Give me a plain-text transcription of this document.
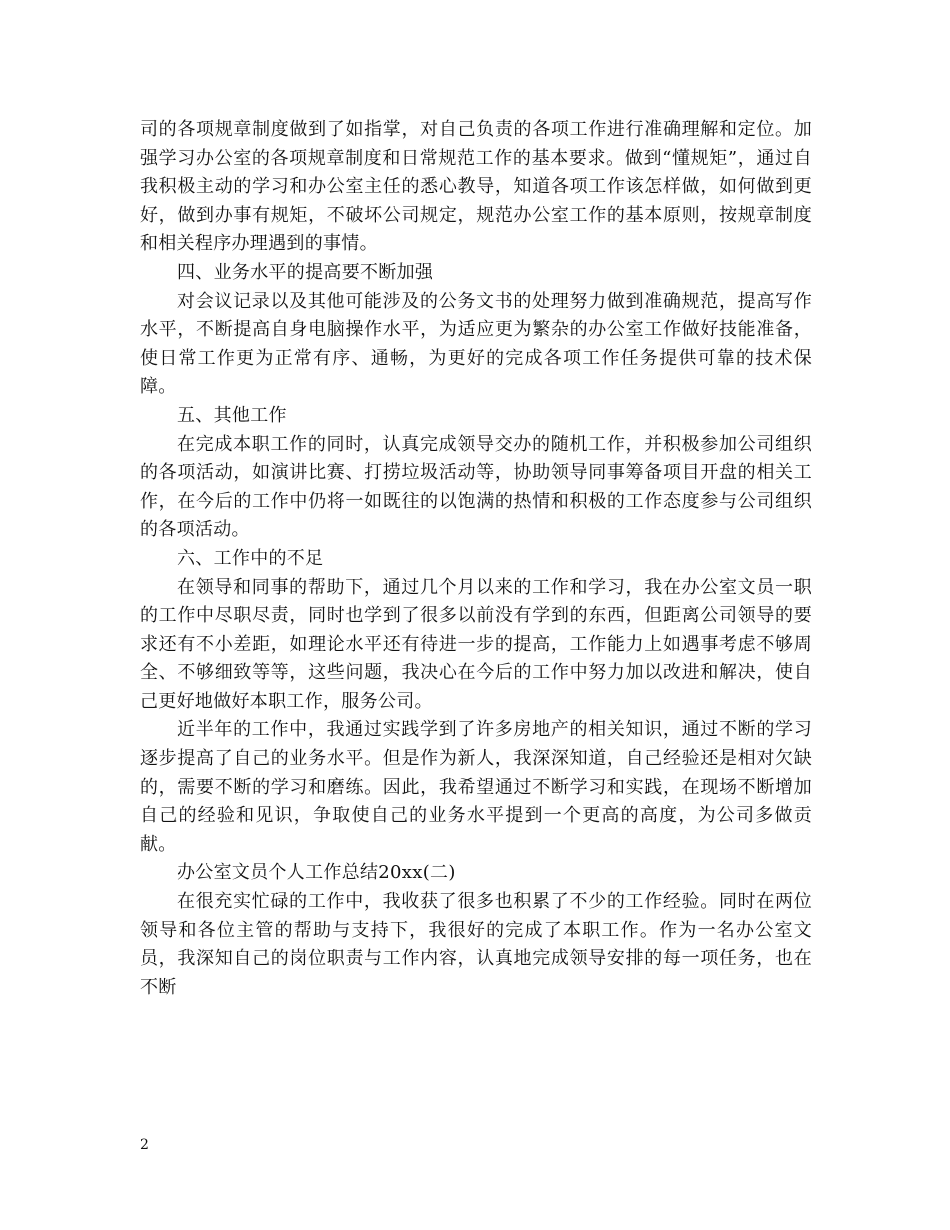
司的各项规章制度做到了如指掌，对自己负责的各项工作进行准确理解和定位。加强学习办公室的各项规章制度和日常规范工作的基本要求。做到“懂规矩”，通过自我积极主动的学习和办公室主任的悉心教导，知道各项工作该怎样做，如何做到更好，做到办事有规矩，不破坏公司规定，规范办公室工作的基本原则，按规章制度和相关程序办理遇到的事情。

四、业务水平的提高要不断加强

对会议记录以及其他可能涉及的公务文书的处理努力做到准确规范，提高写作水平，不断提高自身电脑操作水平，为适应更为繁杂的办公室工作做好技能准备，使日常工作更为正常有序、通畅，为更好的完成各项工作任务提供可靠的技术保障。

五、其他工作

在完成本职工作的同时，认真完成领导交办的随机工作，并积极参加公司组织的各项活动，如演讲比赛、打捞垃圾活动等，协助领导同事筹备项目开盘的相关工作，在今后的工作中仍将一如既往的以饱满的热情和积极的工作态度参与公司组织的各项活动。

六、工作中的不足

在领导和同事的帮助下，通过几个月以来的工作和学习，我在办公室文员一职的工作中尽职尽责，同时也学到了很多以前没有学到的东西，但距离公司领导的要求还有不小差距，如理论水平还有待进一步的提高，工作能力上如遇事考虑不够周全、不够细致等等，这些问题，我决心在今后的工作中努力加以改进和解决，使自己更好地做好本职工作，服务公司。

近半年的工作中，我通过实践学到了许多房地产的相关知识，通过不断的学习逐步提高了自己的业务水平。但是作为新人，我深深知道，自己经验还是相对欠缺的，需要不断的学习和磨练。因此，我希望通过不断学习和实践，在现场不断增加自己的经验和见识，争取使自己的业务水平提到一个更高的高度，为公司多做贡献。

办公室文员个人工作总结20xx(二)

在很充实忙碌的工作中，我收获了很多也积累了不少的工作经验。同时在两位领导和各位主管的帮助与支持下，我很好的完成了本职工作。作为一名办公室文员，我深知自己的岗位职责与工作内容，认真地完成领导安排的每一项任务，也在不断

2
